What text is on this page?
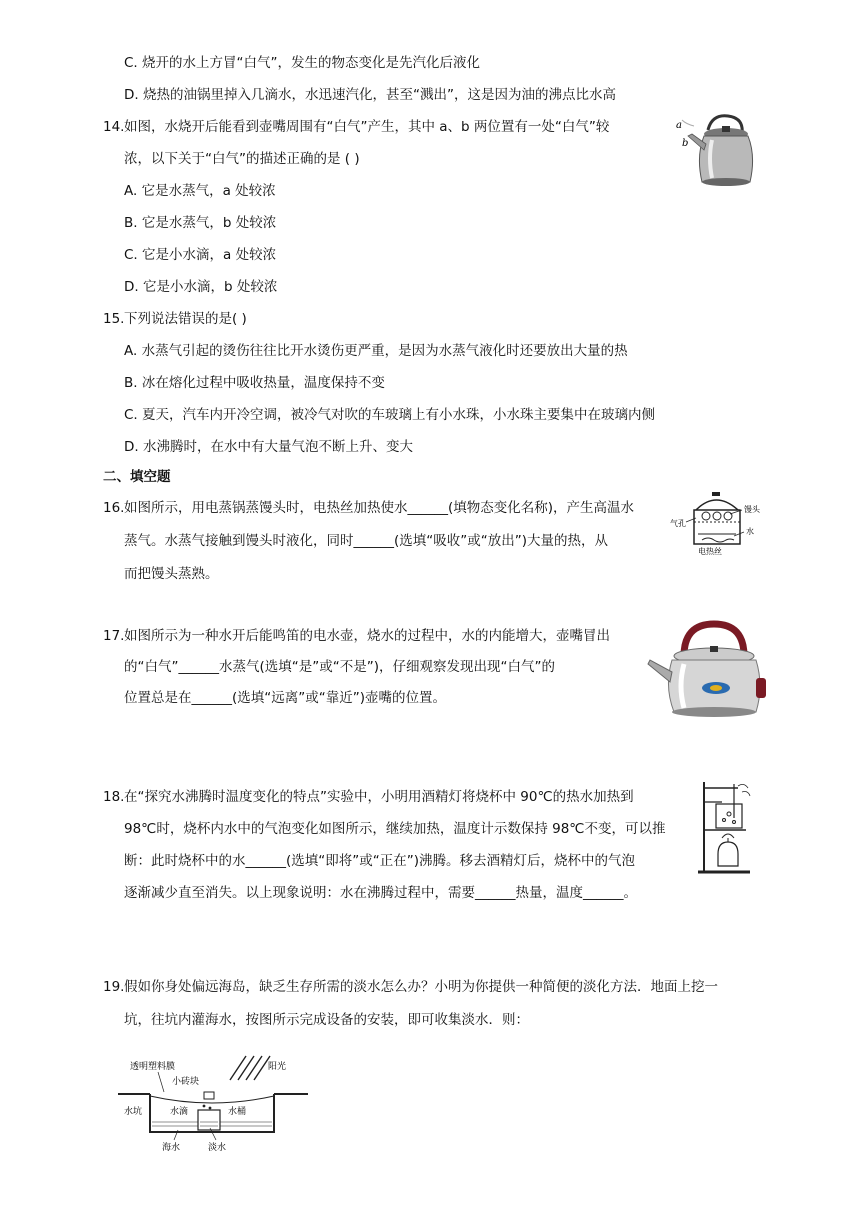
C. 烧开的水上方冒“白气”，发生的物态变化是先汽化后液化
D. 烧热的油锅里掉入几滴水，水迅速汽化，甚至“溅出”，这是因为油的沸点比水高
14. 如图，水烧开后能看到壶嘴周围有“白气”产生，其中 a、b 两位置有一处“白气”较
浓，以下关于“白气”的描述正确的是 ( )
A. 它是水蒸气，a 处较浓
B. 它是水蒸气，b 处较浓
C. 它是小水滴，a 处较浓
D. 它是小水滴，b 处较浓
a
b
15. 下列说法错误的是( )
A. 水蒸气引起的烫伤往往比开水烫伤更严重，是因为水蒸气液化时还要放出大量的热
B. 冰在熔化过程中吸收热量，温度保持不变
C. 夏天，汽车内开冷空调，被冷气对吹的车玻璃上有小水珠，小水珠主要集中在玻璃内侧
D. 水沸腾时，在水中有大量气泡不断上升、变大
二、填空题
16. 如图所示，用电蒸锅蒸馒头时，电热丝加热使水______(填物态变化名称)，产生高温水
蒸气。水蒸气接触到馒头时液化，同时______(选填“吸收”或“放出”)大量的热，从
而把馒头蒸熟。
馒头
气孔
水
电热丝
17. 如图所示为一种水开后能鸣笛的电水壶，烧水的过程中，水的内能增大，壶嘴冒出
的“白气”______水蒸气(选填“是”或“不是”)，仔细观察发现出现“白气”的
位置总是在______(选填“远离”或“靠近”)壶嘴的位置。
18. 在“探究水沸腾时温度变化的特点”实验中，小明用酒精灯将烧杯中 90℃的热水加热到
98℃时，烧杯内水中的气泡变化如图所示，继续加热，温度计示数保持 98℃不变，可以推
断：此时烧杯中的水______(选填“即将”或“正在”)沸腾。移去酒精灯后，烧杯中的气泡
逐渐减少直至消失。以上现象说明：水在沸腾过程中，需要______热量，温度______。
19. 假如你身处偏远海岛，缺乏生存所需的淡水怎么办？小明为你提供一种简便的淡化方法．地面上挖一
坑，往坑内灌海水，按图所示完成设备的安装，即可收集淡水．则：
透明塑料膜
小砖块
阳光
水坑	水滴	水桶
海水	淡水
